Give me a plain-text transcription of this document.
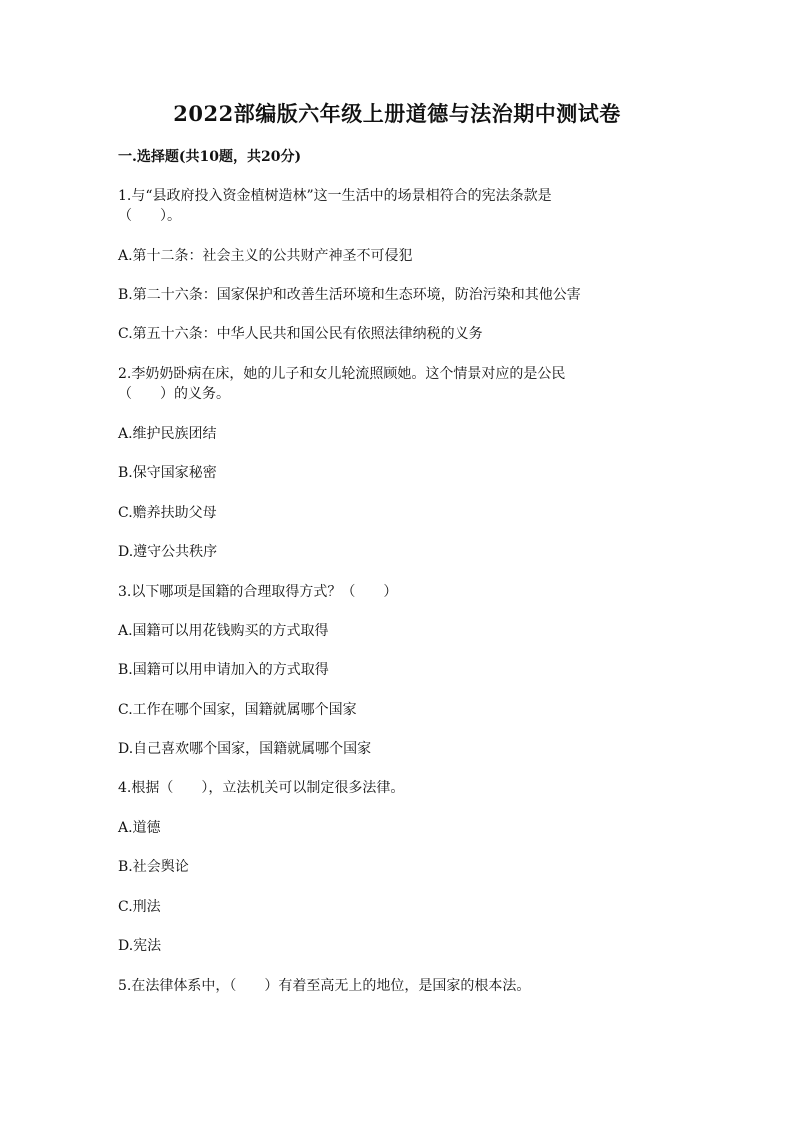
2022部编版六年级上册道德与法治期中测试卷
一.选择题(共10题，共20分)
1.与“县政府投入资金植树造林”这一生活中的场景相符合的宪法条款是
（　　）。
A.第十二条：社会主义的公共财产神圣不可侵犯
B.第二十六条：国家保护和改善生活环境和生态环境，防治污染和其他公害
C.第五十六条：中华人民共和国公民有依照法律纳税的义务
2.李奶奶卧病在床，她的儿子和女儿轮流照顾她。这个情景对应的是公民
（　　）的义务。
A.维护民族团结
B.保守国家秘密
C.赡养扶助父母
D.遵守公共秩序
3.以下哪项是国籍的合理取得方式？（　　）
A.国籍可以用花钱购买的方式取得
B.国籍可以用申请加入的方式取得
C.工作在哪个国家，国籍就属哪个国家
D.自己喜欢哪个国家，国籍就属哪个国家
4.根据（　　），立法机关可以制定很多法律。
A.道德
B.社会舆论
C.刑法
D.宪法
5.在法律体系中，（　　）有着至高无上的地位，是国家的根本法。
